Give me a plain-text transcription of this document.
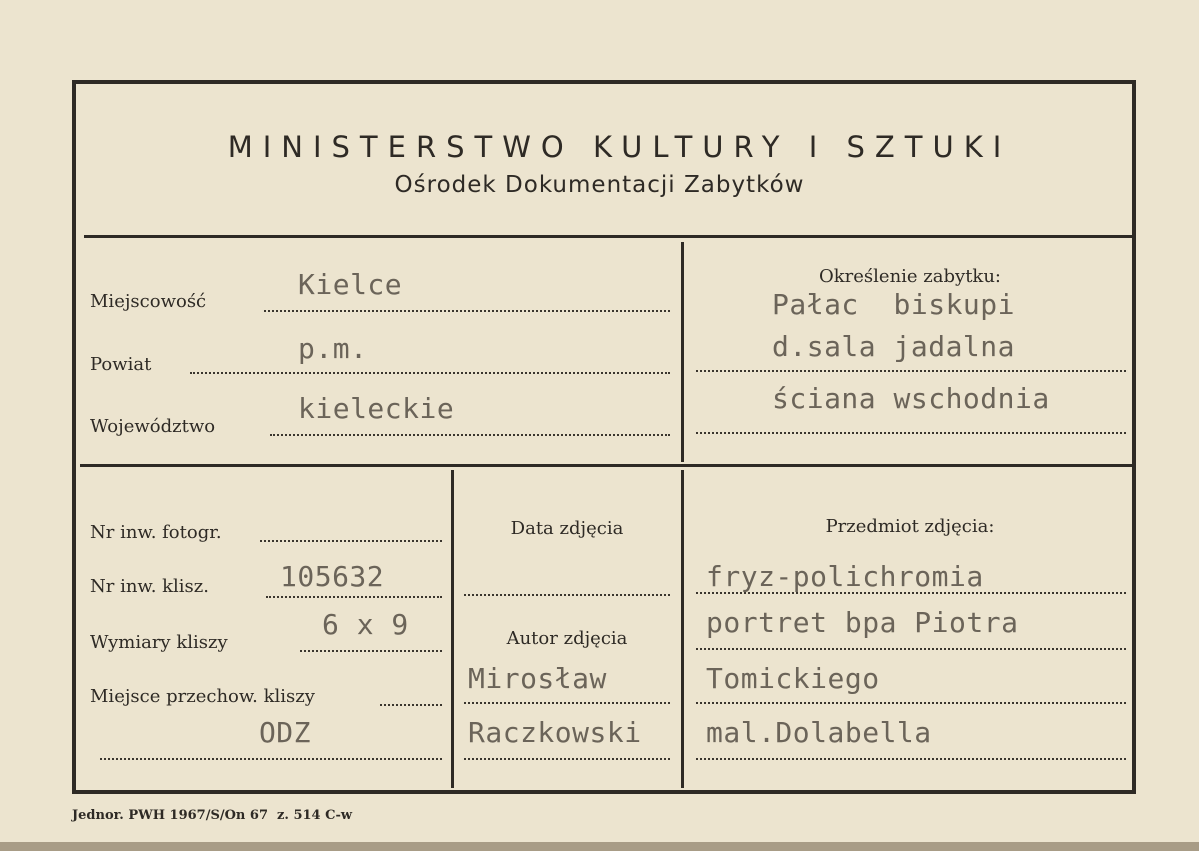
MINISTERSTWO KULTURY I SZTUKI
Ośrodek Dokumentacji Zabytków
Miejscowość
Kielce
Powiat	p.m.
Województwo
kieleckie
Określenie zabytku:
Pałac  biskupi
d.sala jadalna
ściana wschodnia
Nr inw. fotogr.
Nr inw. klisz.	105632
Wymiary kliszy
6 x 9
Miejsce przechow. kliszy
ODZ
Data zdjęcia
Autor zdjęcia
Mirosław
Raczkowski
Przedmiot zdjęcia:
fryz-polichromia
portret bpa Piotra
Tomickiego
mal.Dolabella
Jednor. PWH 1967/S/On 67  z. 514 C-w
